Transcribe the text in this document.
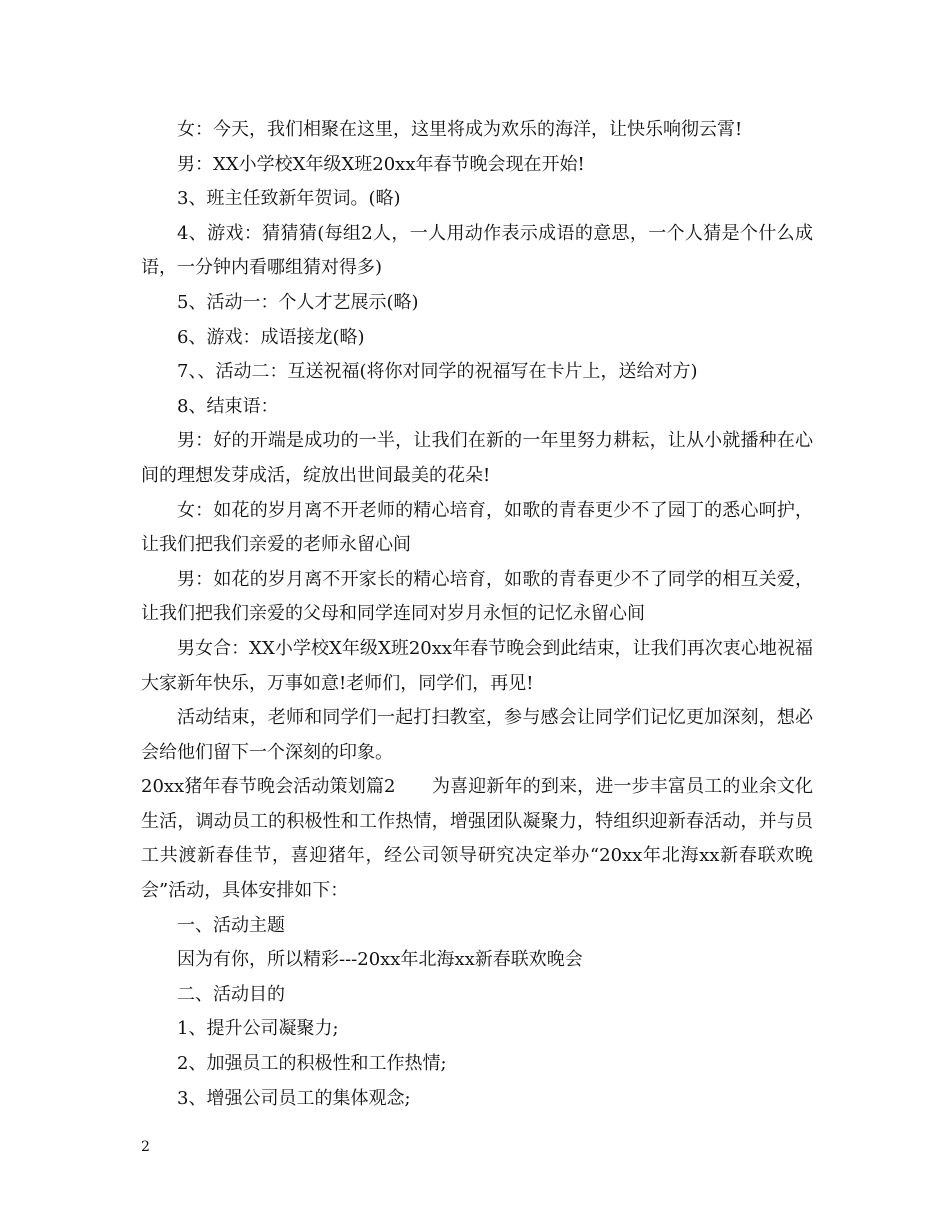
女：今天，我们相聚在这里，这里将成为欢乐的海洋，让快乐响彻云霄!

男：XX小学校X年级X班20xx年春节晚会现在开始!

3、班主任致新年贺词。(略)

4、游戏：猜猜猜(每组2人，一人用动作表示成语的意思，一个人猜是个什么成语，一分钟内看哪组猜对得多)

5、活动一：个人才艺展示(略)

6、游戏：成语接龙(略)

7、、活动二：互送祝福(将你对同学的祝福写在卡片上，送给对方)

8、结束语：

男：好的开端是成功的一半，让我们在新的一年里努力耕耘，让从小就播种在心间的理想发芽成活，绽放出世间最美的花朵!

女：如花的岁月离不开老师的精心培育，如歌的青春更少不了园丁的悉心呵护，让我们把我们亲爱的老师永留心间

男：如花的岁月离不开家长的精心培育，如歌的青春更少不了同学的相互关爱，让我们把我们亲爱的父母和同学连同对岁月永恒的记忆永留心间

男女合：XX小学校X年级X班20xx年春节晚会到此结束，让我们再次衷心地祝福大家新年快乐，万事如意!老师们，同学们，再见!

活动结束，老师和同学们一起打扫教室，参与感会让同学们记忆更加深刻，想必会给他们留下一个深刻的印象。

20xx猪年春节晚会活动策划篇2　　为喜迎新年的到来，进一步丰富员工的业余文化生活，调动员工的积极性和工作热情，增强团队凝聚力，特组织迎新春活动，并与员工共渡新春佳节，喜迎猪年，经公司领导研究决定举办“20xx年北海xx新春联欢晚会”活动，具体安排如下：

一、活动主题

因为有你，所以精彩---20xx年北海xx新春联欢晚会

二、活动目的

1、提升公司凝聚力;

2、加强员工的积极性和工作热情;

3、增强公司员工的集体观念;

2
